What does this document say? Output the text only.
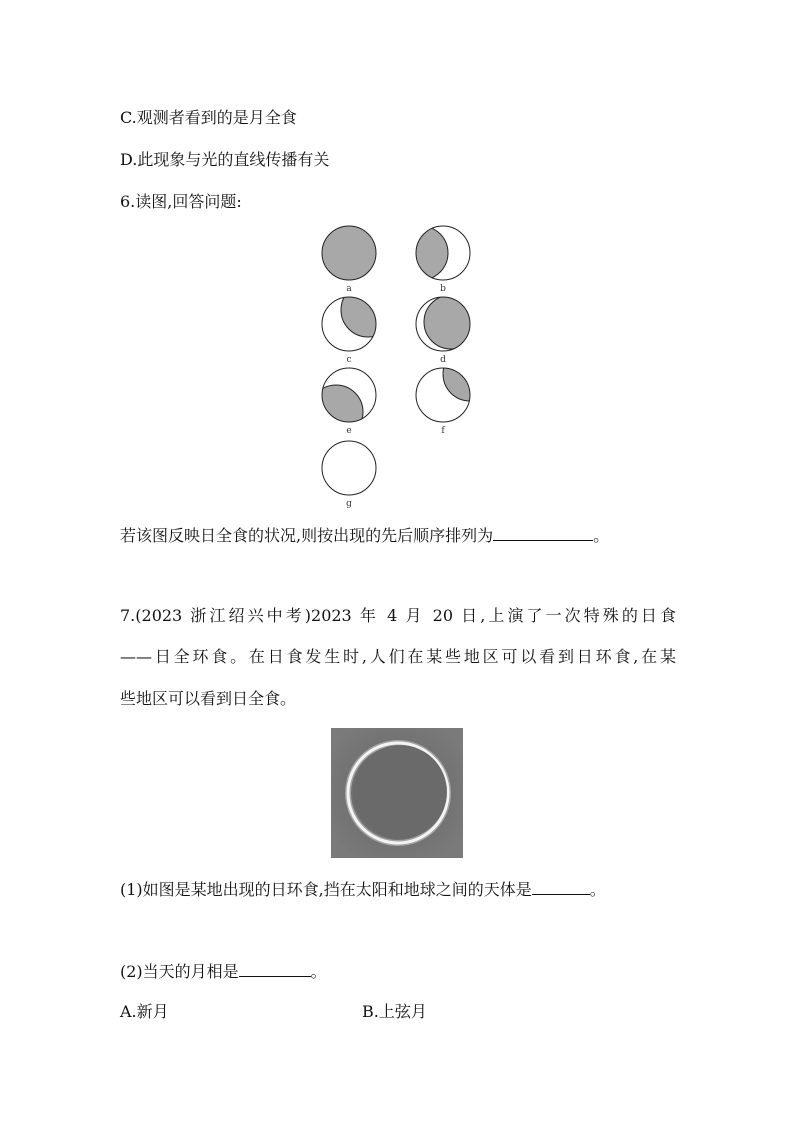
C.观测者看到的是月全食
D.此现象与光的直线传播有关
6.读图,回答问题:
a	b
c	d
e	f
g
若该图反映日全食的状况,则按出现的先后顺序排列为	。
7.(2023 浙江绍兴中考)2023 年 4 月 20 日,上演了一次特殊的日食
——日全环食。在日食发生时,人们在某些地区可以看到日环食,在某
些地区可以看到日全食。
(1)如图是某地出现的日环食,挡在太阳和地球之间的天体是	。
(2)当天的月相是	。
A.新月	B.上弦月
